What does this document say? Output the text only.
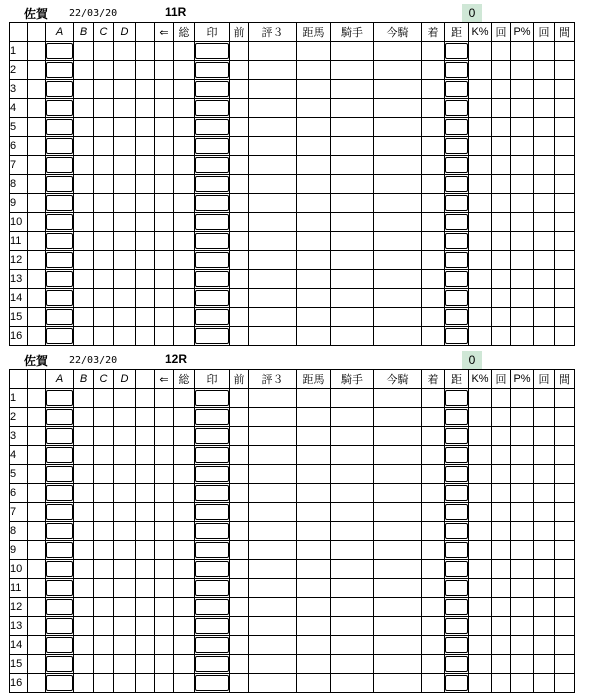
佐賀 22/03/20	11R	0
		A	B	C	D		⇐	総	印	前	評３	距馬	騎手	今騎	着	距	K%	回	P%	回	間
1		

2		

3		

4		

5		

6		

7		

8		

9		

10		

11		

12		

13		

14		

15		

16		

佐賀 22/03/20	12R	0
		A	B	C	D		⇐	総	印	前	評３	距馬	騎手	今騎	着	距	K%	回	P%	回	間
1		

2		

3		

4		

5		

6		

7		

8		

9		

10		

11		

12		

13		

14		

15		

16		
